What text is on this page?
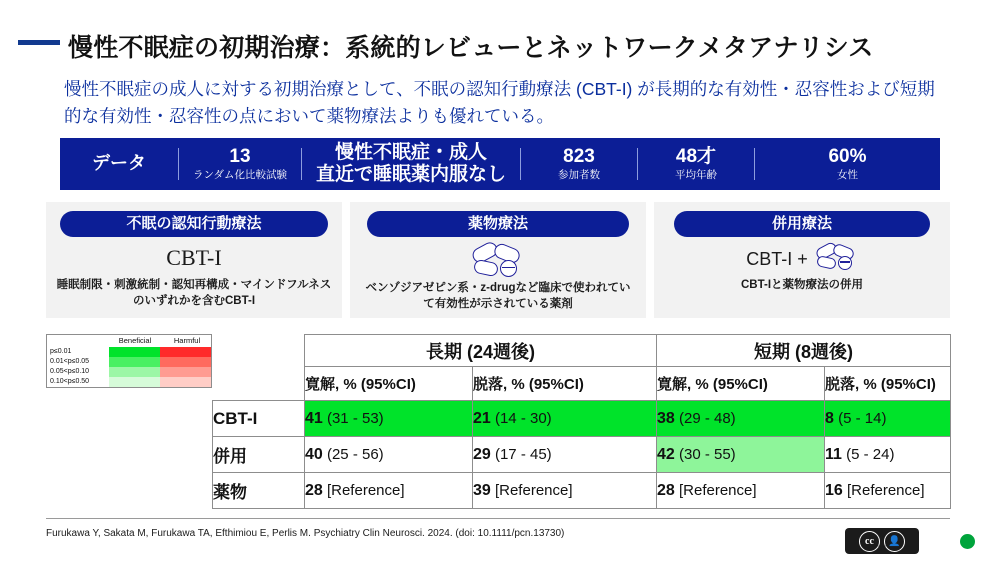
慢性不眠症の初期治療：系統的レビューとネットワークメタアナリシス
慢性不眠症の成人に対する初期治療として、不眠の認知行動療法 (CBT-I) が長期的な有効性・忍容性および短期的な有効性・忍容性の点において薬物療法よりも優れている。
データ	13
ランダム化比較試験
慢性不眠症・成人
直近で睡眠薬内服なし
823
参加者数
48才
平均年齢
60%
女性
不眠の認知行動療法
CBT-I
睡眠制限・刺激統制・認知再構成・マインドフルネスのいずれかを含むCBT-I
薬物療法
ベンゾジアゼピン系・z-drugなど臨床で使われていて有効性が示されている薬剤
併用療法
CBT-I +
CBT-Iと薬物療法の併用
Beneficial	Harmful
p≤0.01
0.01<p≤0.05
0.05<p≤0.10
0.10<p≤0.50
	長期 (24週後)		短期 (8週後)	
	寛解, % (95%CI)	脱落, % (95%CI)	寛解, % (95%CI)	脱落, % (95%CI)
CBT-I	41 (31 - 53)	21 (14 - 30)	38 (29 - 48)	8 (5 - 14)
併用	40 (25 - 56)	29 (17 - 45)	42 (30 - 55)	11 (5 - 24)
薬物	28 [Reference]	39 [Reference]	28 [Reference]	16 [Reference]
Furukawa Y, Sakata M, Furukawa TA, Efthimiou E, Perlis M. Psychiatry Clin Neurosci. 2024. (doi: 10.1111/pcn.13730)
cc	👤
BY
